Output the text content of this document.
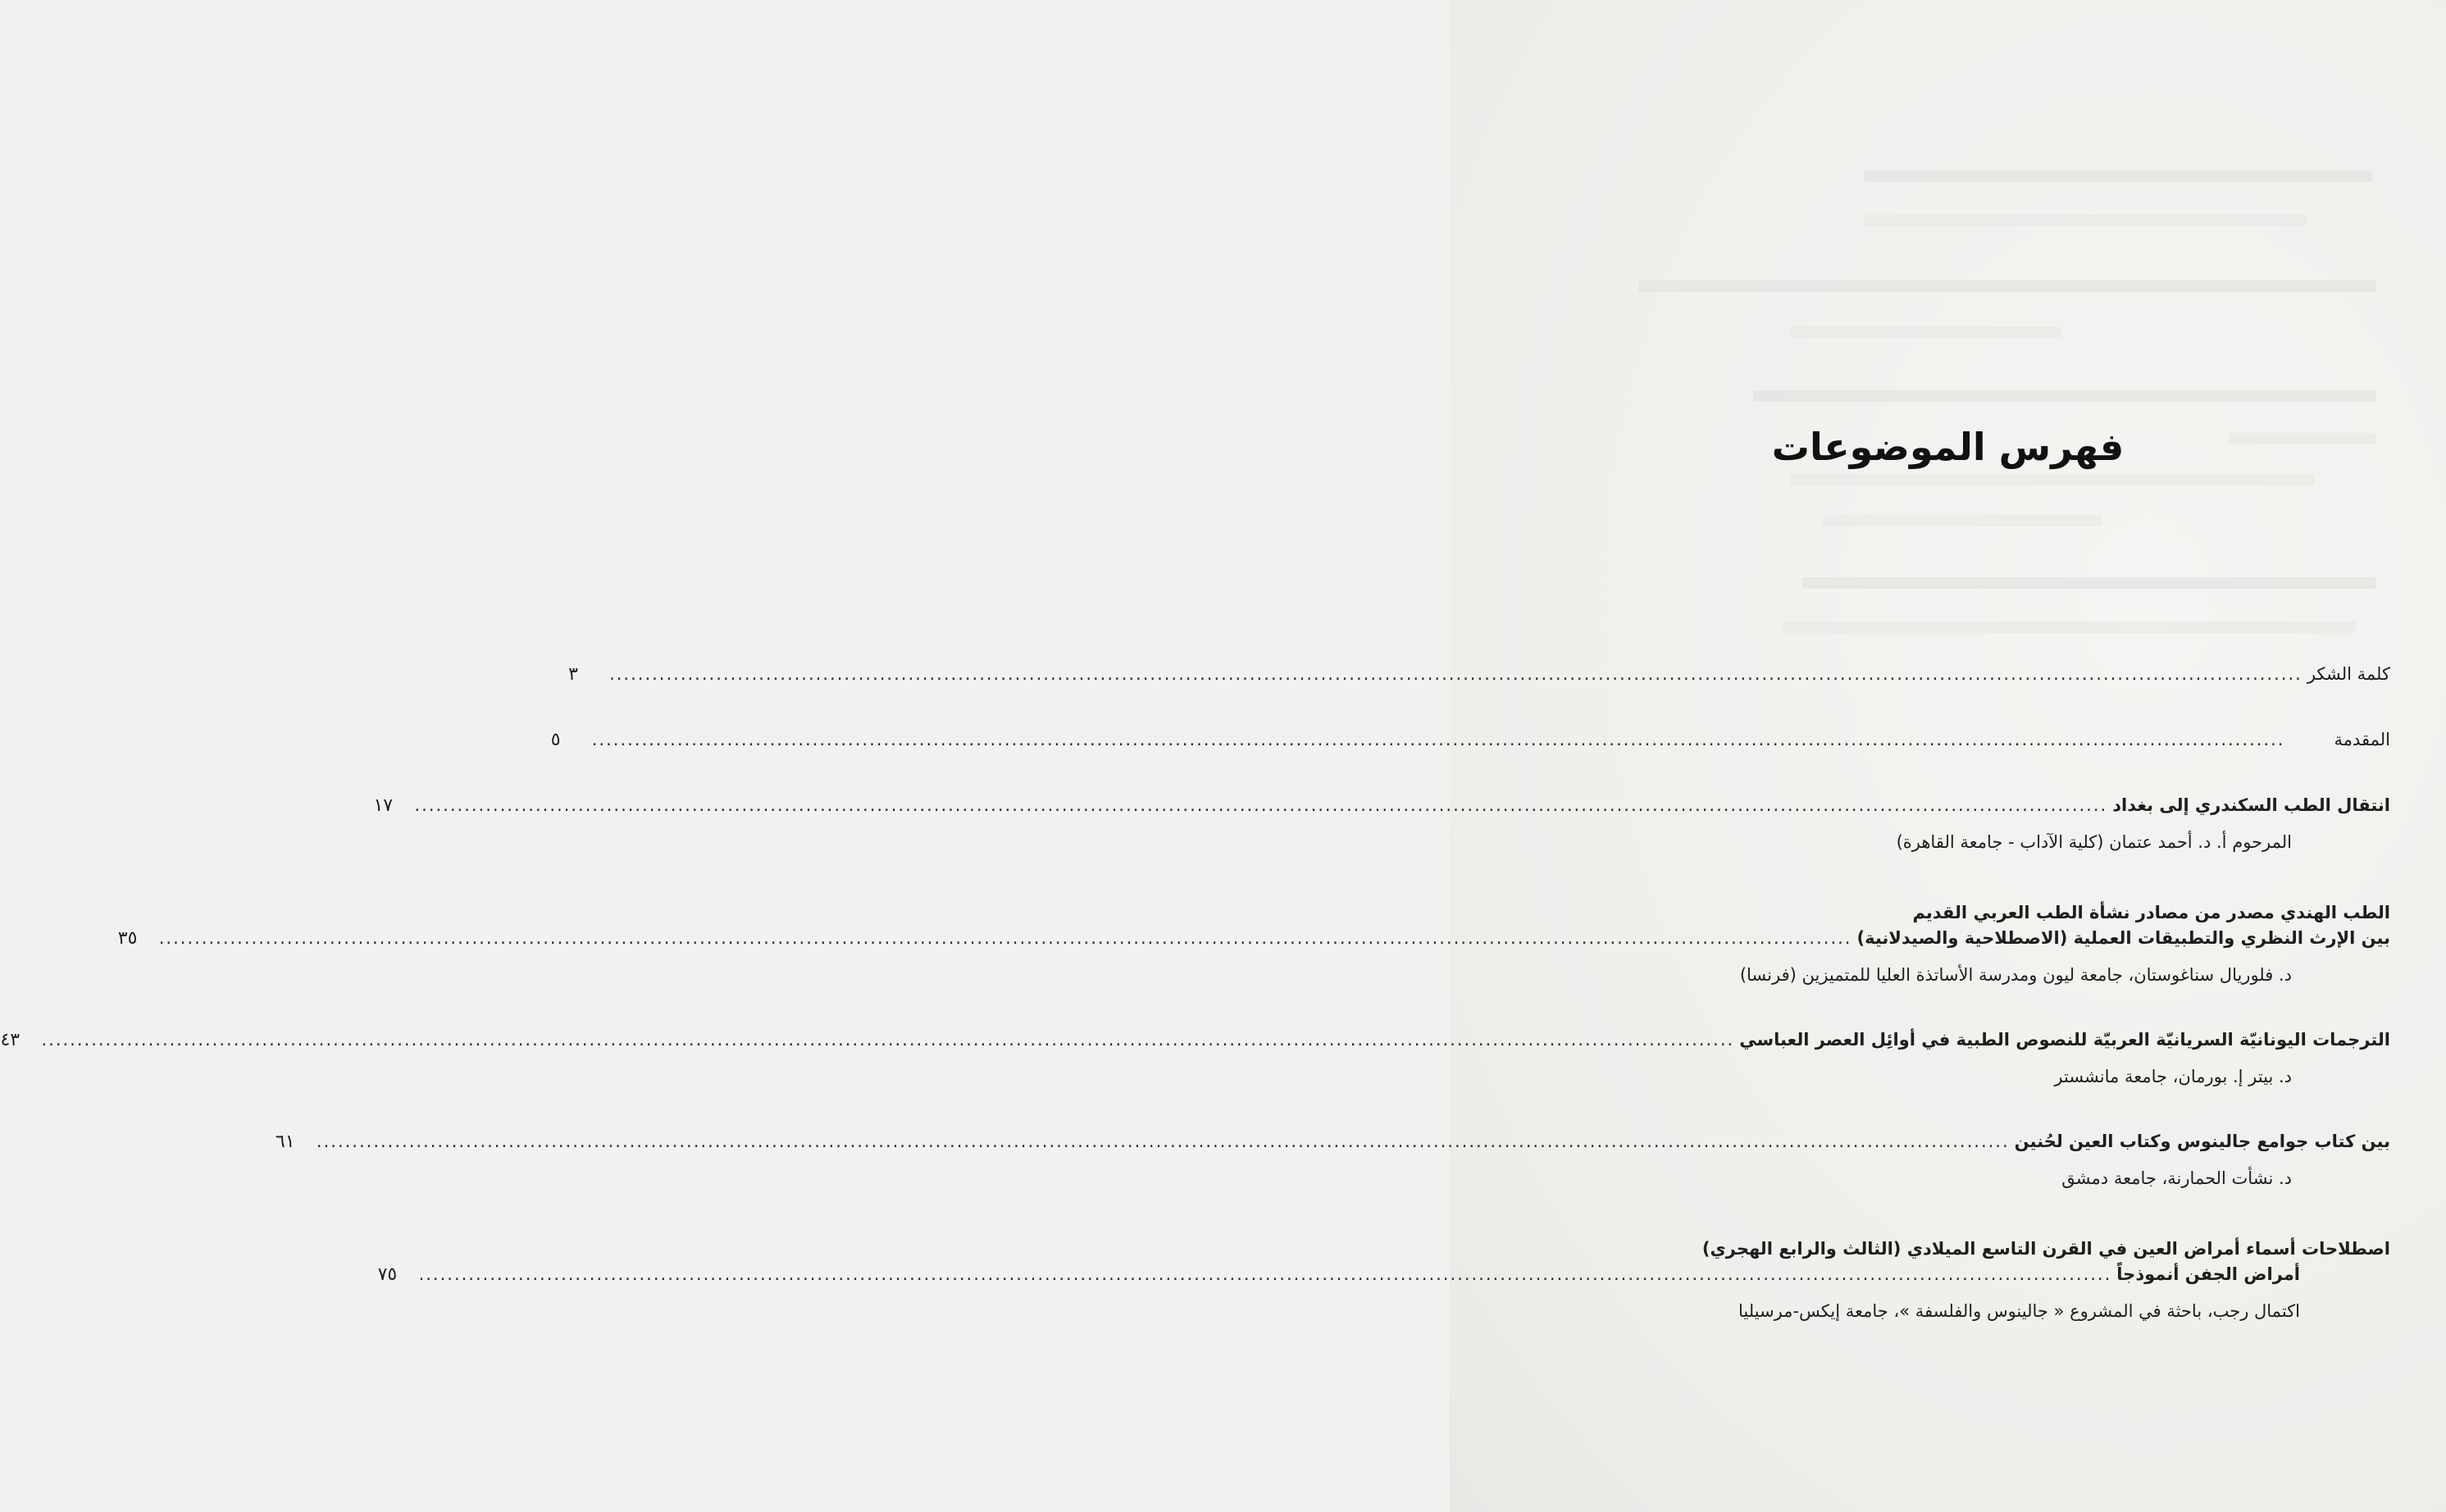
فهرس الموضوعات
كلمة الشكر
..............................................................................................................................................................................................................................................
٣
المقدمة
..............................................................................................................................................................................................................................................
٥
انتقال الطب السكندري إلى بغداد
..............................................................................................................................................................................................................................................
١٧
المرحوم أ. د. أحمد عتمان (كلية الآداب - جامعة القاهرة)
الطب الهندي مصدر من مصادر نشأة الطب العربي القديم
بين الإرث النظري والتطبيقات العملية (الاصطلاحية والصيدلانية)
..............................................................................................................................................................................................................................................
٣٥
د. فلوريال سناغوستان، جامعة ليون ومدرسة الأساتذة العليا للمتميزين (فرنسا)
الترجمات اليونانيّة السريانيّة العربيّة للنصوص الطبية في أوائِل العصر العباسي
..............................................................................................................................................................................................................................................
٤٣
د. بيتر إ. بورمان، جامعة مانشستر
بين كتاب جوامع جالينوس وكتاب العين لحُنين
..............................................................................................................................................................................................................................................
٦١
د. نشأت الحمارنة، جامعة دمشق
اصطلاحات أسماء أمراض العين في القرن التاسع الميلادي (الثالث والرابع الهجري)
أمراض الجفن أنموذجاً
..............................................................................................................................................................................................................................................
٧٥
اكتمال رجب، باحثة في المشروع « جالينوس والفلسفة »، جامعة إيكس-مرسيليا
